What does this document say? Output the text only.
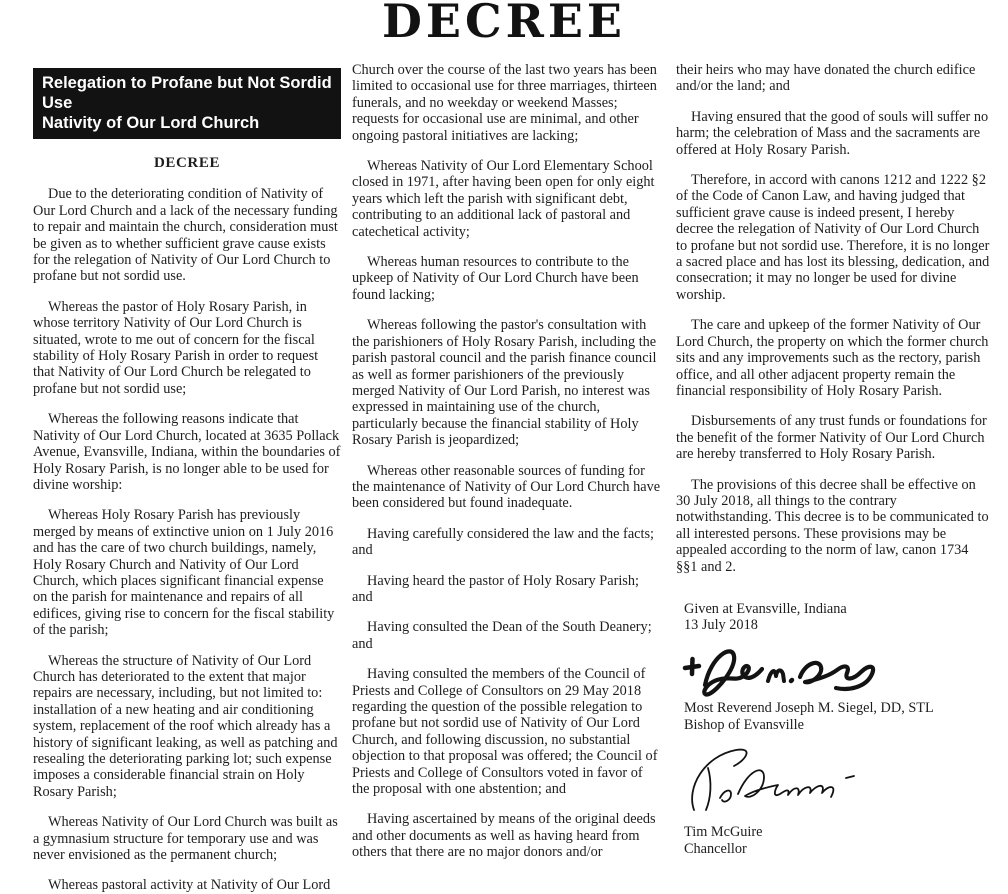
DECREE
Relegation to Profane but Not Sordid Use
Nativity of Our Lord Church
DECREE

Due to the deteriorating condition of Nativity of Our Lord Church and a lack of the necessary funding to repair and maintain the church, consideration must be given as to whether sufficient grave cause exists for the relegation of Nativity of Our Lord Church to profane but not sordid use.

Whereas the pastor of Holy Rosary Parish, in whose territory Nativity of Our Lord Church is situated, wrote to me out of concern for the fiscal stability of Holy Rosary Parish in order to request that Nativity of Our Lord Church be relegated to profane but not sordid use;

Whereas the following reasons indicate that Nativity of Our Lord Church, located at 3635 Pollack Avenue, Evansville, Indiana, within the boundaries of Holy Rosary Parish, is no longer able to be used for divine worship:

Whereas Holy Rosary Parish has previously merged by means of extinctive union on 1 July 2016 and has the care of two church buildings, namely, Holy Rosary Church and Nativity of Our Lord Church, which places significant financial expense on the parish for maintenance and repairs of all edifices, giving rise to concern for the fiscal stability of the parish;

Whereas the structure of Nativity of Our Lord Church has deteriorated to the extent that major repairs are necessary, including, but not limited to: installation of a new heating and air conditioning system, replacement of the roof which already has a history of significant leaking, as well as patching and resealing the deteriorating parking lot; such expense imposes a considerable financial strain on Holy Rosary Parish;

Whereas Nativity of Our Lord Church was built as a gymnasium structure for temporary use and was never envisioned as the permanent church;

Whereas pastoral activity at Nativity of Our Lord

Church over the course of the last two years has been limited to occasional use for three marriages, thirteen funerals, and no weekday or weekend Masses; requests for occasional use are minimal, and other ongoing pastoral initiatives are lacking;

Whereas Nativity of Our Lord Elementary School closed in 1971, after having been open for only eight years which left the parish with significant debt, contributing to an additional lack of pastoral and catechetical activity;

Whereas human resources to contribute to the upkeep of Nativity of Our Lord Church have been found lacking;

Whereas following the pastor's consultation with the parishioners of Holy Rosary Parish, including the parish pastoral council and the parish finance council as well as former parishioners of the previously merged Nativity of Our Lord Parish, no interest was expressed in maintaining use of the church, particularly because the financial stability of Holy Rosary Parish is jeopardized;

Whereas other reasonable sources of funding for the maintenance of Nativity of Our Lord Church have been considered but found inadequate.

Having carefully considered the law and the facts; and

Having heard the pastor of Holy Rosary Parish; and

Having consulted the Dean of the South Deanery; and

Having consulted the members of the Council of Priests and College of Consultors on 29 May 2018 regarding the question of the possible relegation to profane but not sordid use of Nativity of Our Lord Church, and following discussion, no substantial objection to that proposal was offered; the Council of Priests and College of Consultors voted in favor of the proposal with one abstention; and

Having ascertained by means of the original deeds and other documents as well as having heard from others that there are no major donors and/or

their heirs who may have donated the church edifice and/or the land; and

Having ensured that the good of souls will suffer no harm; the celebration of Mass and the sacraments are offered at Holy Rosary Parish.

Therefore, in accord with canons 1212 and 1222 §2 of the Code of Canon Law, and having judged that sufficient grave cause is indeed present, I hereby decree the relegation of Nativity of Our Lord Church to profane but not sordid use. Therefore, it is no longer a sacred place and has lost its blessing, dedication, and consecration; it may no longer be used for divine worship.

The care and upkeep of the former Nativity of Our Lord Church, the property on which the former church sits and any improvements such as the rectory, parish office, and all other adjacent property remain the financial responsibility of Holy Rosary Parish.

Disbursements of any trust funds or foundations for the benefit of the former Nativity of Our Lord Church are hereby transferred to Holy Rosary Parish.

The provisions of this decree shall be effective on 30 July 2018, all things to the contrary notwithstanding. This decree is to be communicated to all interested persons. These provisions may be appealed according to the norm of law, canon 1734 §§1 and 2.

Given at Evansville, Indiana
13 July 2018
Most Reverend Joseph M. Siegel, DD, STL
Bishop of Evansville
Tim McGuire
Chancellor
